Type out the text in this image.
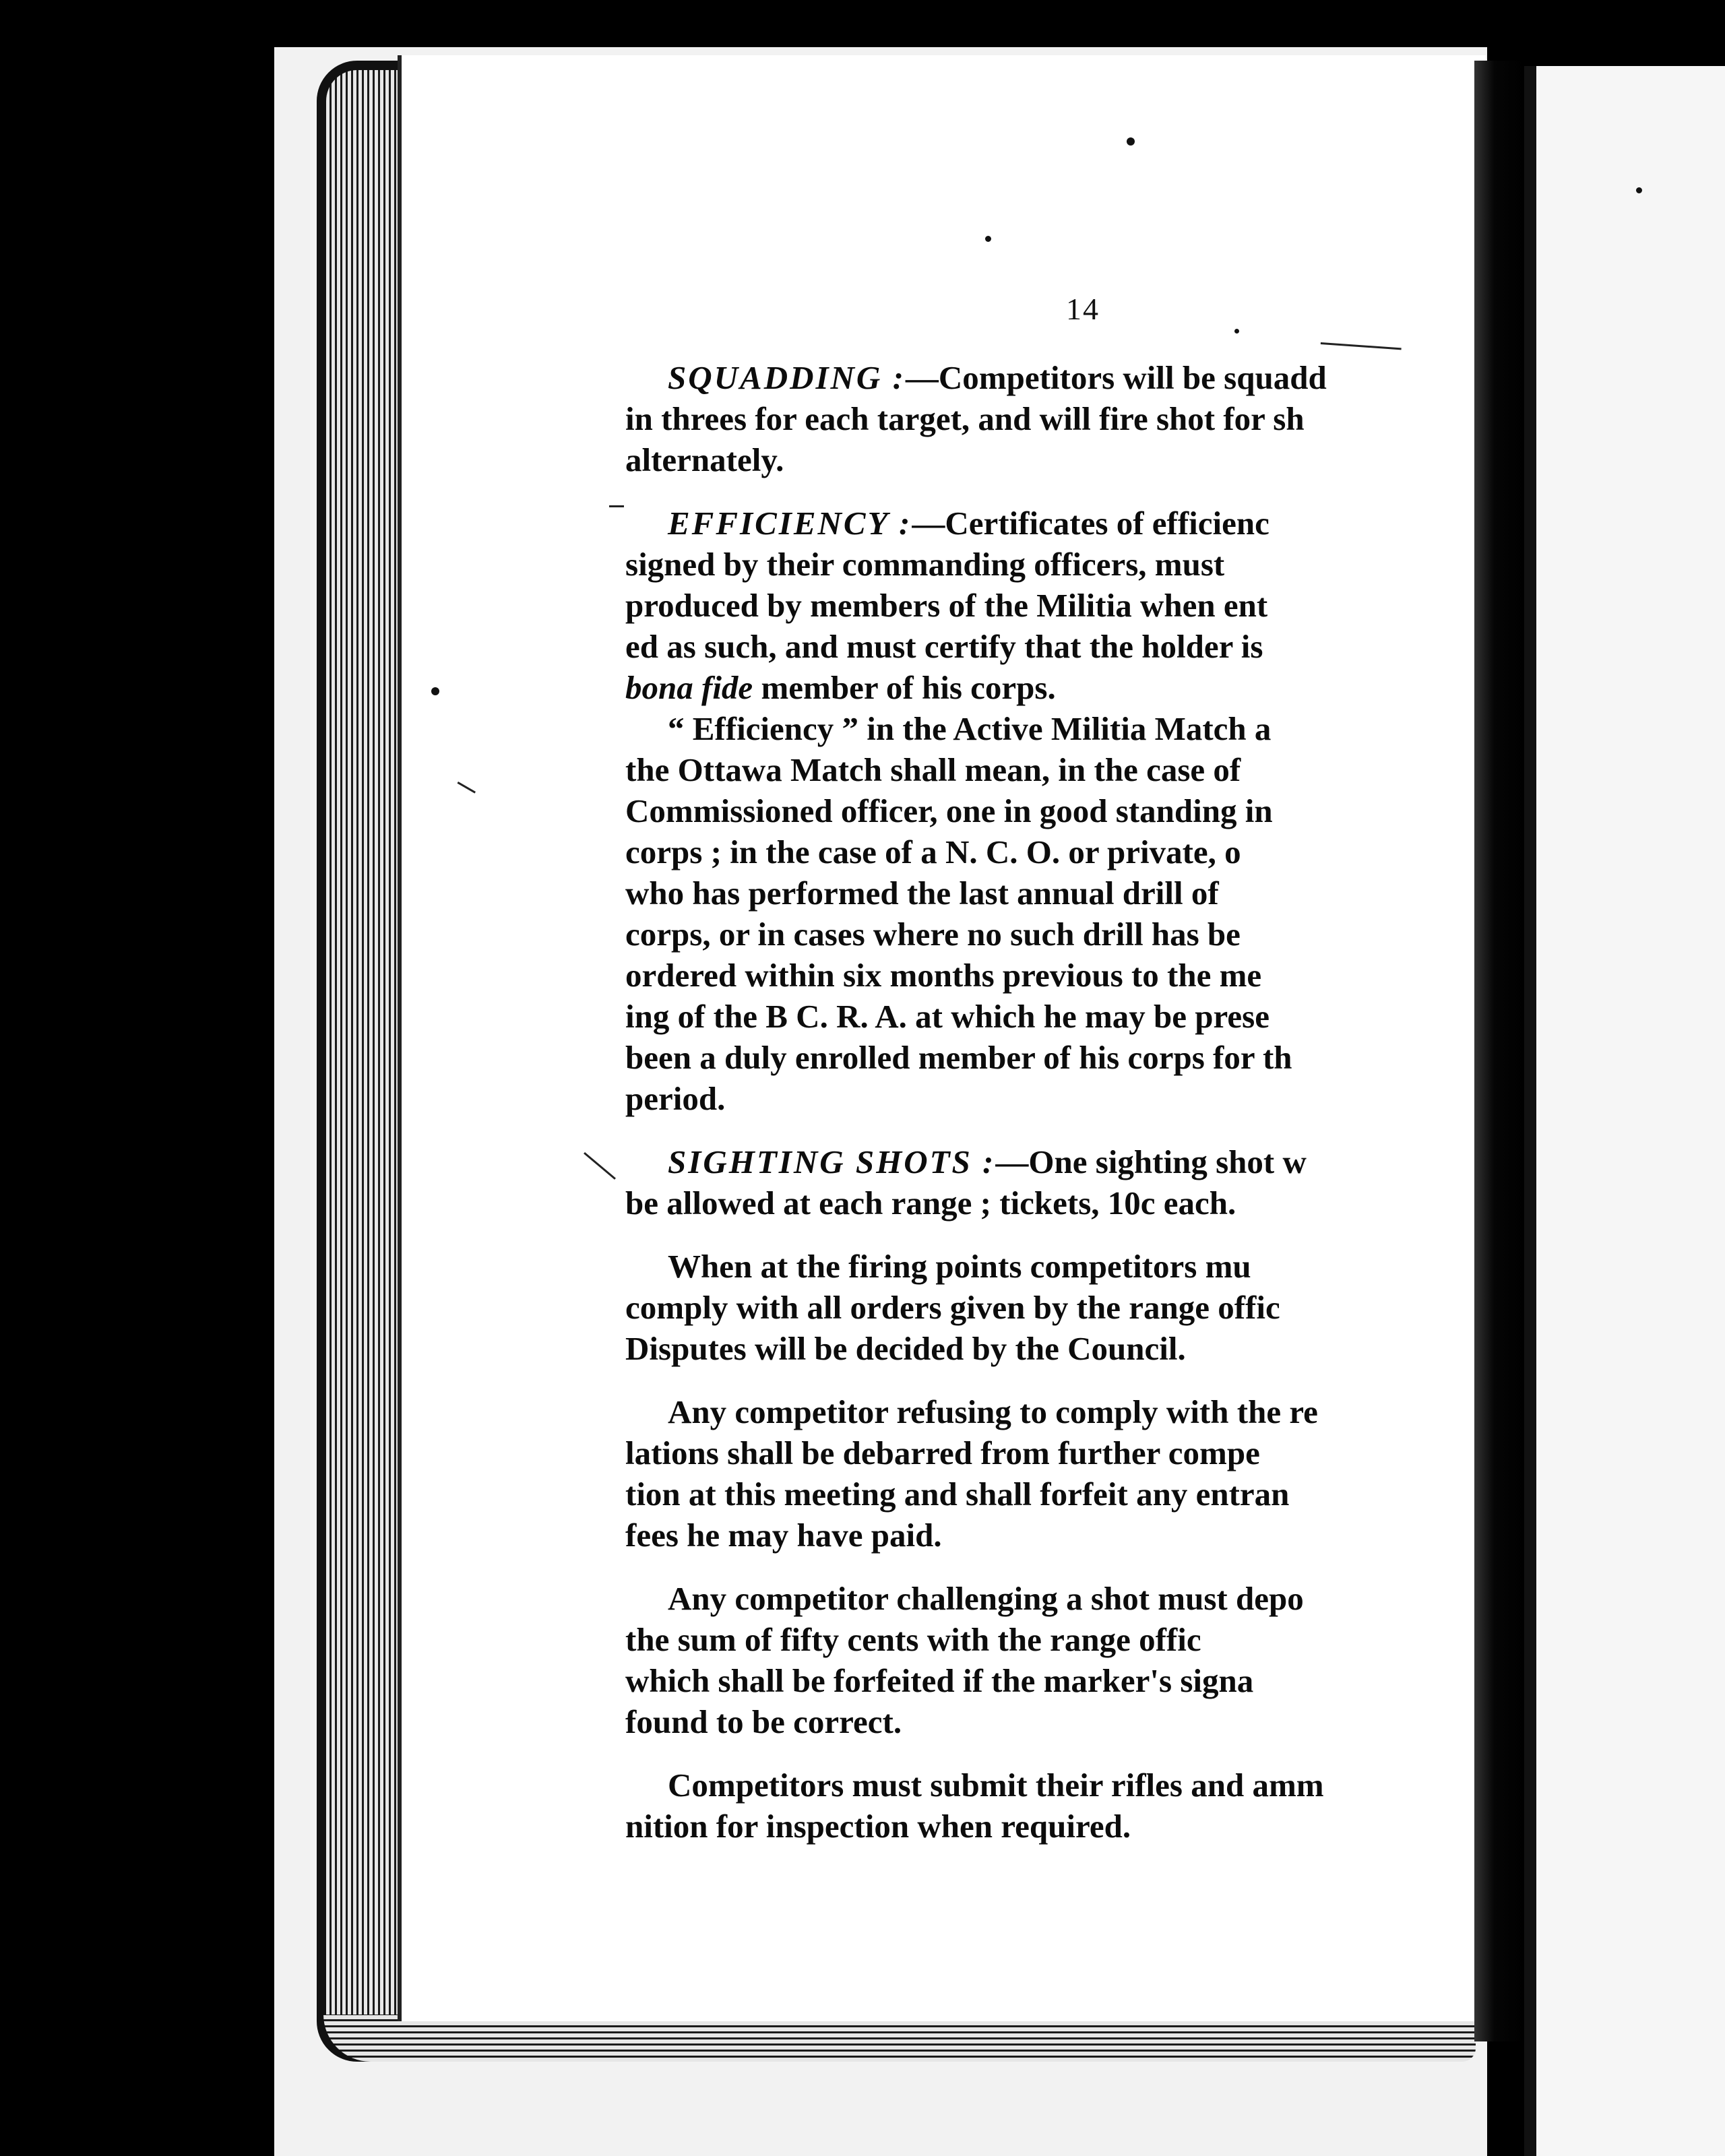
14
SQUADDING :—Competitors will be squadd
in threes for each target, and will fire shot for sh
alternately.
EFFICIENCY :—Certificates of efficienc
signed by their commanding officers, must
produced by members of the Militia when ent
ed as such, and must certify that the holder is
bona fide member of his corps.
“ Efficiency ” in the Active Militia Match a
the Ottawa Match shall mean, in the case of
Commissioned officer, one in good standing in
corps ; in the case of a N. C. O. or private, o
who has performed the last annual drill of
corps, or in cases where no such drill has be
ordered within six months previous to the me
ing of the B C. R. A. at which he may be prese
been a duly enrolled member of his corps for th
period.
SIGHTING SHOTS :—One sighting shot w
be allowed at each range ; tickets, 10c each.
When at the firing points competitors mu
comply with all orders given by the range offic
Disputes will be decided by the Council.
Any competitor refusing to comply with the re
lations shall be debarred from further compe
tion at this meeting and shall forfeit any entran
fees he may have paid.
Any competitor challenging a shot must depo
the sum of fifty cents with the range offic
which shall be forfeited if the marker's signa
found to be correct.
Competitors must submit their rifles and amm
nition for inspection when required.
